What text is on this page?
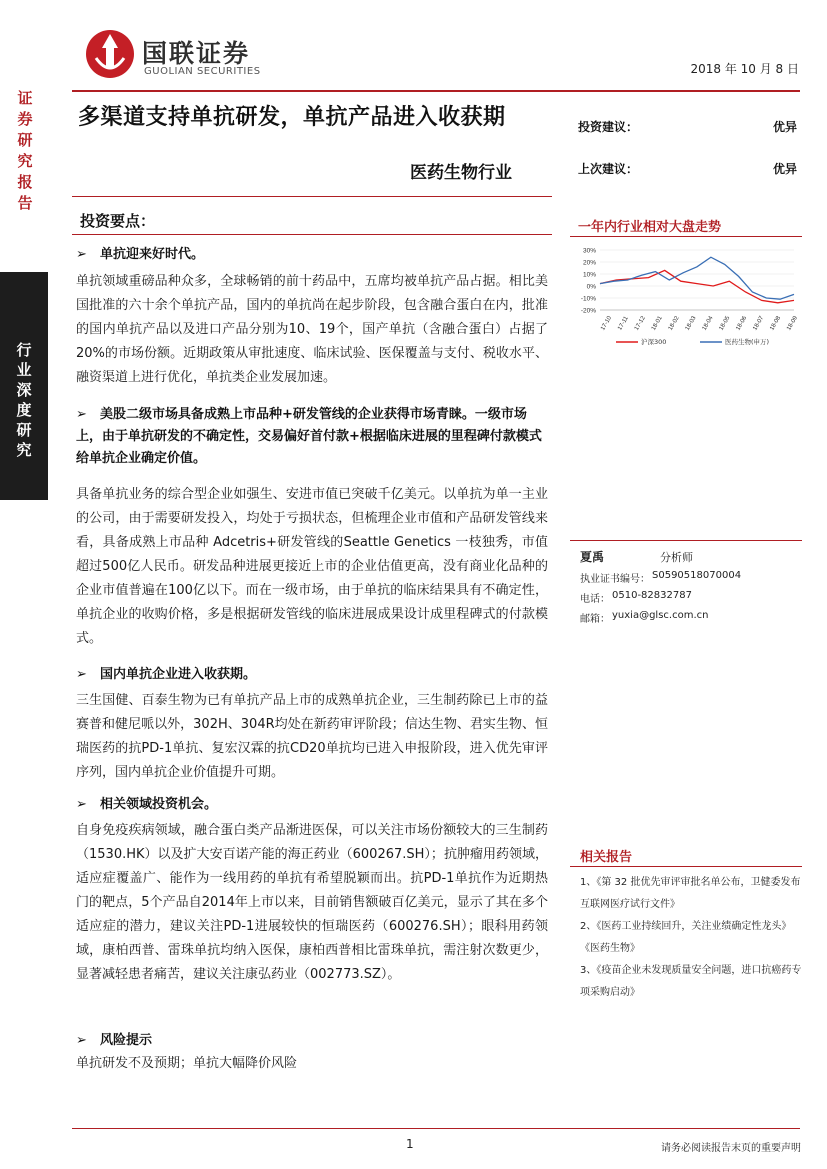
国联证券
GUOLIAN SECURITIES	2018 年 10 月 8 日
证券研究报告
行业深度研究
多渠道支持单抗研发，单抗产品进入收获期
医药生物行业
投资建议：	优异
上次建议：	优异
投资要点：
➢ 单抗迎来好时代。
单抗领域重磅品种众多，全球畅销的前十药品中，五席均被单抗产品占据。相比美国批准的六十余个单抗产品，国内的单抗尚在起步阶段，包含融合蛋白在内，批准的国内单抗产品以及进口产品分别为10、19个，国产单抗（含融合蛋白）占据了20%的市场份额。近期政策从审批速度、临床试验、医保覆盖与支付、税收水平、融资渠道上进行优化，单抗类企业发展加速。
➢ 美股二级市场具备成熟上市品种+研发管线的企业获得市场青睐。一级市场上，由于单抗研发的不确定性，交易偏好首付款+根据临床进展的里程碑付款模式给单抗企业确定价值。
具备单抗业务的综合型企业如强生、安进市值已突破千亿美元。以单抗为单一主业的公司，由于需要研发投入，均处于亏损状态，但梳理企业市值和产品研发管线来看，具备成熟上市品种 Adcetris+研发管线的Seattle Genetics 一枝独秀，市值超过500亿人民币。研发品种进展更接近上市的企业估值更高，没有商业化品种的企业市值普遍在100亿以下。而在一级市场，由于单抗的临床结果具有不确定性，单抗企业的收购价格，多是根据研发管线的临床进展成果设计成里程碑式的付款模式。
➢ 国内单抗企业进入收获期。
三生国健、百泰生物为已有单抗产品上市的成熟单抗企业，三生制药除已上市的益赛普和健尼哌以外，302H、304R均处在新药审评阶段；信达生物、君实生物、恒瑞医药的抗PD-1单抗、复宏汉霖的抗CD20单抗均已进入申报阶段，进入优先审评序列，国内单抗企业价值提升可期。
➢ 相关领域投资机会。
自身免疫疾病领域，融合蛋白类产品渐进医保，可以关注市场份额较大的三生制药（1530.HK）以及扩大安百诺产能的海正药业（600267.SH）；抗肿瘤用药领域，适应症覆盖广、能作为一线用药的单抗有希望脱颖而出。抗PD-1单抗作为近期热门的靶点，5个产品自2014年上市以来，目前销售额破百亿美元，显示了其在多个适应症的潜力，建议关注PD-1进展较快的恒瑞医药（600276.SH）；眼科用药领域，康柏西普、雷珠单抗均纳入医保，康柏西普相比雷珠单抗，需注射次数更少，显著减轻患者痛苦，建议关注康弘药业（002773.SZ）。
➢ 风险提示
单抗研发不及预期；单抗大幅降价风险
一年内行业相对大盘走势
30%
20%
10%
0%
-10%
-20%
17-10 17-11 17-12 18-01 18-02 18-03 18-04 18-05 18-06 18-07 18-08 18-09
沪深300	医药生物(申万)
夏禹	分析师
执业证书编号： S0590518070004
电话： 0510-82832787
邮箱： yuxia@glsc.com.cn
相关报告
1、《第 32 批优先审评审批名单公布，卫健委发布互联网医疗试行文件》
2、《医药工业持续回升，关注业绩确定性龙头》《医药生物》
3、《疫苗企业未发现质量安全问题，进口抗癌药专项采购启动》
1	请务必阅读报告末页的重要声明
